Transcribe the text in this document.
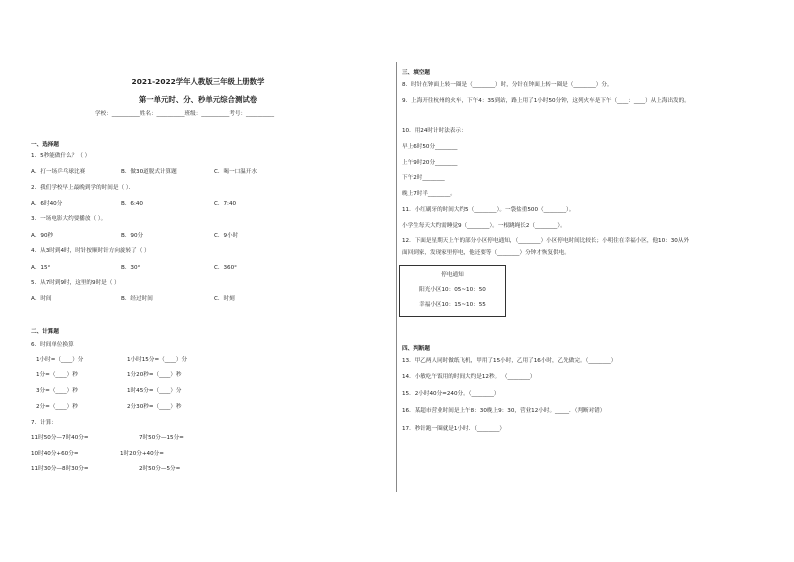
2021-2022学年人教版三年级上册数学
第一单元时、分、秒单元综合测试卷
学校：__________姓名：__________班级：__________考号：__________
一、选择题
1．5秒能做什么？（ ）
A．打一场乒乓球比赛	B．做30道脱式计算题	C．喝一口温开水
2．我们学校早上最晚到学的时间是（ ）．
A．6时40分	B．6:40	C．7:40
3．一场电影大约要播放（ ）。
A．90秒	B．90分	C．9小时
4．从3时到4时，时针按顺时针方向旋转了（ ）
A．15°	B．30°	C．360°
5．从7时到9时，这里的9时是（ ）
A．时间	B．经过时间	C．时刻
二、计算题
6．时间单位换算
1小时=（____）分	1小时15分=（____）分
1分=（____）秒	1分20秒=（____）秒
3分=（____）秒	1时45分=（____）分
2分=（____）秒	2分30秒=（____）秒
7．计算：
11时50分—7时40分=	7时50分—15分=
10时40分+60分=	1时20分+40分=
11时30分—8时30分=	2时50分—5分=
三、填空题
8．时针在钟面上转一圈是（________）时，分针在钟面上转一圈是（________）分。
9．上海开往杭州的火车，下午4：35到站，路上用了1小时50分钟，这列火车是下午（____：____）从上海出发的。
10．用24时计时法表示：
早上6时50分________
上午9时20分________
下午2时________
晚上7时半________。
11．小红刷牙的时间大约5（________）。一袋盐重500（________）。
小学生每天大约需睡觉9（________）。一根跳绳长2（________）。
12．下面是星期天上午的部分小区停电通知，（________）小区停电时间比较长；小明住在幸福小区，他10：30从外
面回到家，发现家里停电，他还要等（________）分钟才恢复供电。
停电通知
阳光小区10：05~10：50
幸福小区10：15~10：55
四、判断题
13．甲乙两人同时做纸飞机，甲用了15小时，乙用了16小时，乙先做完。（________）
14．小敏吃午饭用的时间大约是12秒。 （________）
15．2小时40分=240分。（________）
16．某超市营业时间是上午8：30晚上9：30，营业12小时。_____．（判断对错）
17．秒针跑一圈就是1小时．（________）
